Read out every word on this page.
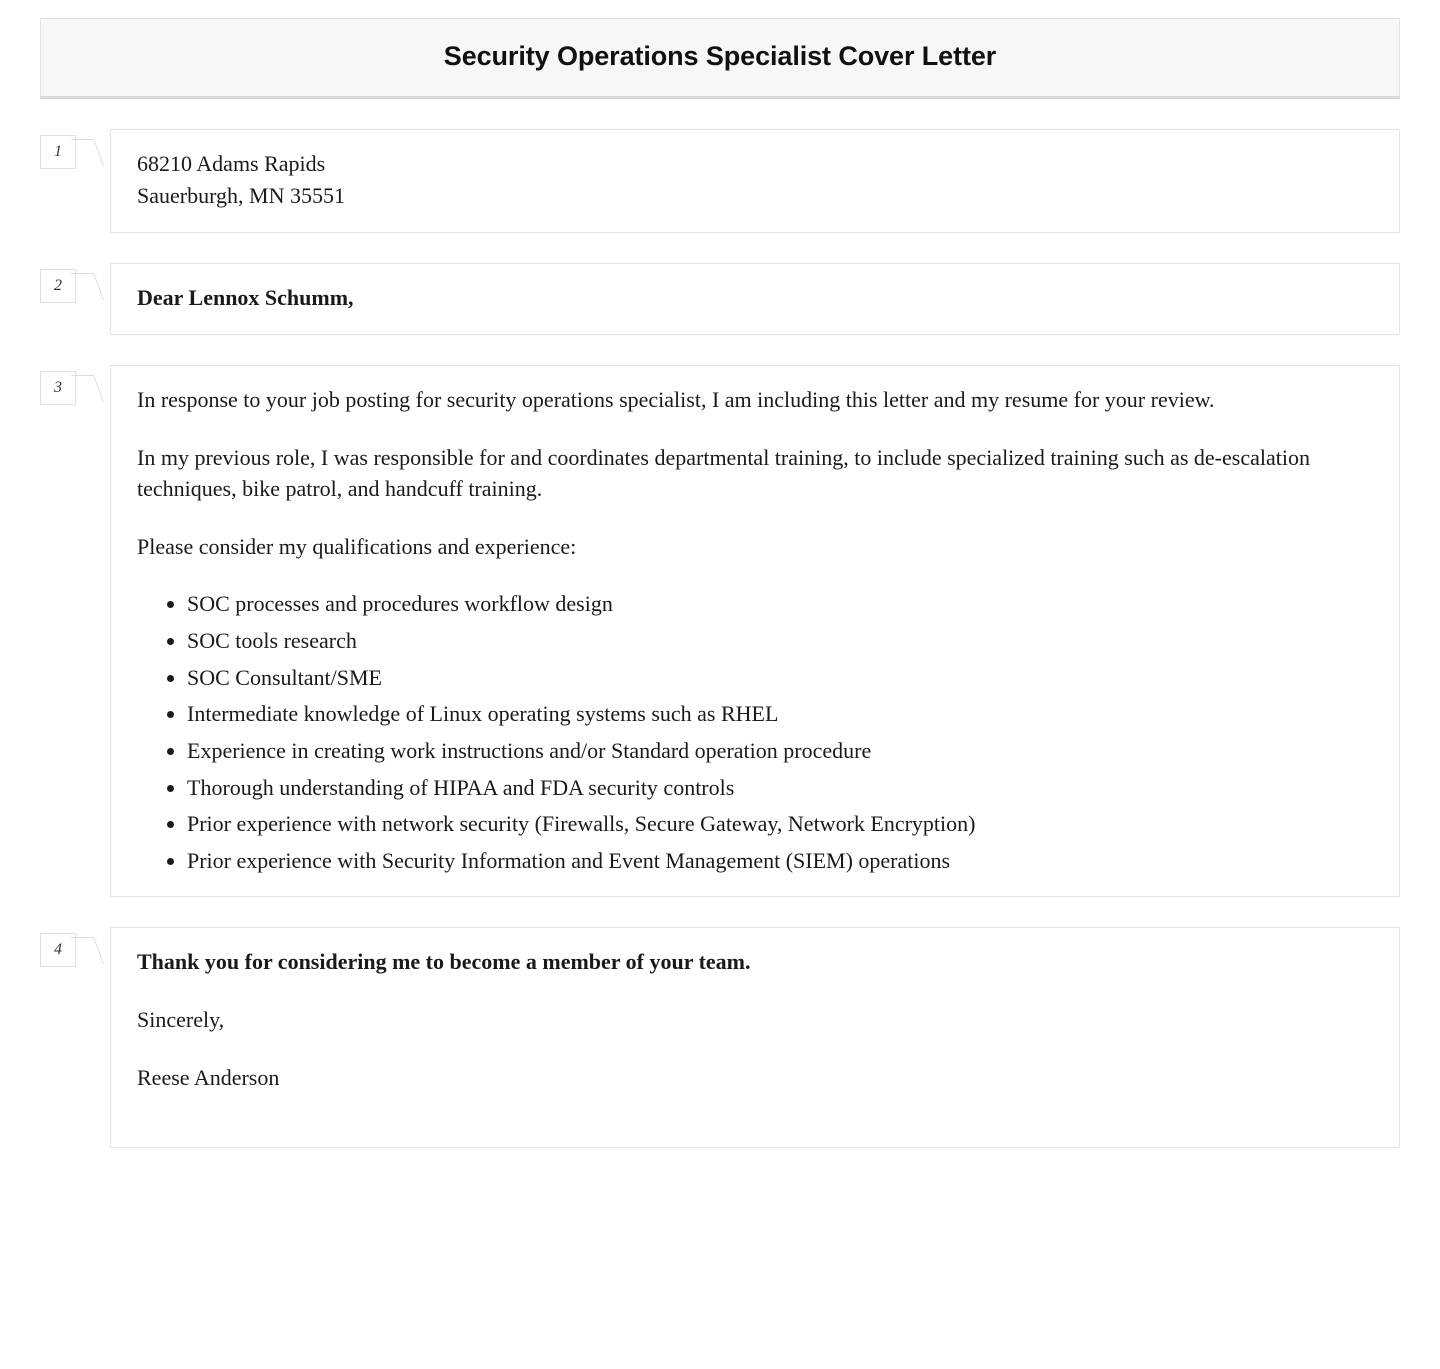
Security Operations Specialist Cover Letter
1	68210 Adams Rapids
Sauerburgh, MN 35551
2	Dear Lennox Schumm,

3	In response to your job posting for security operations specialist, I am including this letter and my resume for your review.

In my previous role, I was responsible for and coordinates departmental training, to include specialized training such as de-escalation techniques, bike patrol, and handcuff training.

Please consider my qualifications and experience:

• SOC processes and procedures workflow design
• SOC tools research
• SOC Consultant/SME
• Intermediate knowledge of Linux operating systems such as RHEL
• Experience in creating work instructions and/or Standard operation procedure
• Thorough understanding of HIPAA and FDA security controls
• Prior experience with network security (Firewalls, Secure Gateway, Network Encryption)
• Prior experience with Security Information and Event Management (SIEM) operations
4	Thank you for considering me to become a member of your team.

Sincerely,

Reese Anderson
